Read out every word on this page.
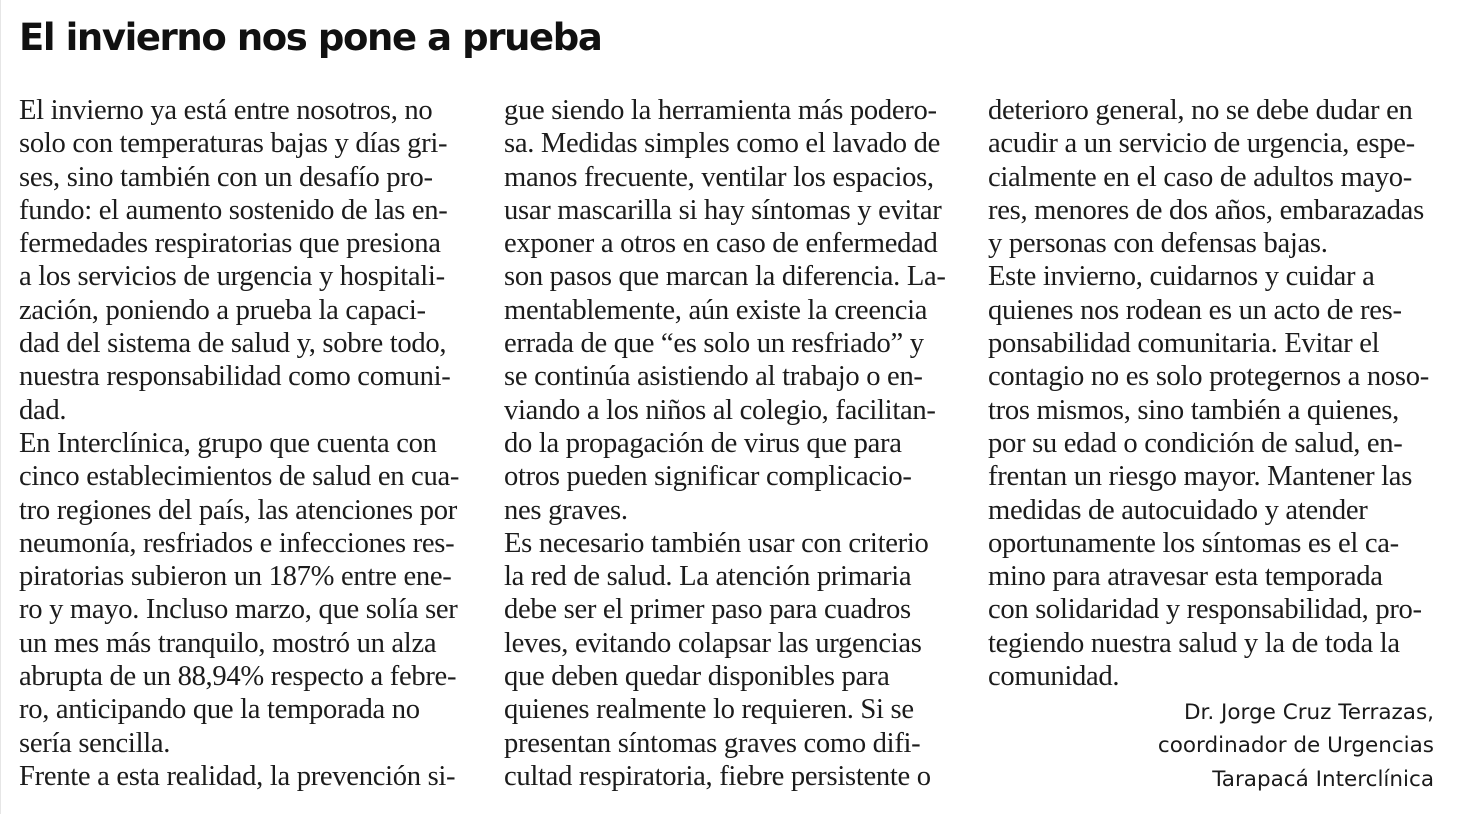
El invierno nos pone a prueba
El invierno ya está entre nosotros, no
solo con temperaturas bajas y días gri-
ses, sino también con un desafío pro-
fundo: el aumento sostenido de las en-
fermedades respiratorias que presiona
a los servicios de urgencia y hospitali-
zación, poniendo a prueba la capaci-
dad del sistema de salud y, sobre todo,
nuestra responsabilidad como comuni-
dad.
En Interclínica, grupo que cuenta con
cinco establecimientos de salud en cua-
tro regiones del país, las atenciones por
neumonía, resfriados e infecciones res-
piratorias subieron un 187% entre ene-
ro y mayo. Incluso marzo, que solía ser
un mes más tranquilo, mostró un alza
abrupta de un 88,94% respecto a febre-
ro, anticipando que la temporada no
sería sencilla.
Frente a esta realidad, la prevención si-
gue siendo la herramienta más podero-
sa. Medidas simples como el lavado de
manos frecuente, ventilar los espacios,
usar mascarilla si hay síntomas y evitar
exponer a otros en caso de enfermedad
son pasos que marcan la diferencia. La-
mentablemente, aún existe la creencia
errada de que “es solo un resfriado” y
se continúa asistiendo al trabajo o en-
viando a los niños al colegio, facilitan-
do la propagación de virus que para
otros pueden significar complicacio-
nes graves.
Es necesario también usar con criterio
la red de salud. La atención primaria
debe ser el primer paso para cuadros
leves, evitando colapsar las urgencias
que deben quedar disponibles para
quienes realmente lo requieren. Si se
presentan síntomas graves como difi-
cultad respiratoria, fiebre persistente o
deterioro general, no se debe dudar en
acudir a un servicio de urgencia, espe-
cialmente en el caso de adultos mayo-
res, menores de dos años, embarazadas
y personas con defensas bajas.
Este invierno, cuidarnos y cuidar a
quienes nos rodean es un acto de res-
ponsabilidad comunitaria. Evitar el
contagio no es solo protegernos a noso-
tros mismos, sino también a quienes,
por su edad o condición de salud, en-
frentan un riesgo mayor. Mantener las
medidas de autocuidado y atender
oportunamente los síntomas es el ca-
mino para atravesar esta temporada
con solidaridad y responsabilidad, pro-
tegiendo nuestra salud y la de toda la
comunidad.
Dr. Jorge Cruz Terrazas,
coordinador de Urgencias
Tarapacá Interclínica
